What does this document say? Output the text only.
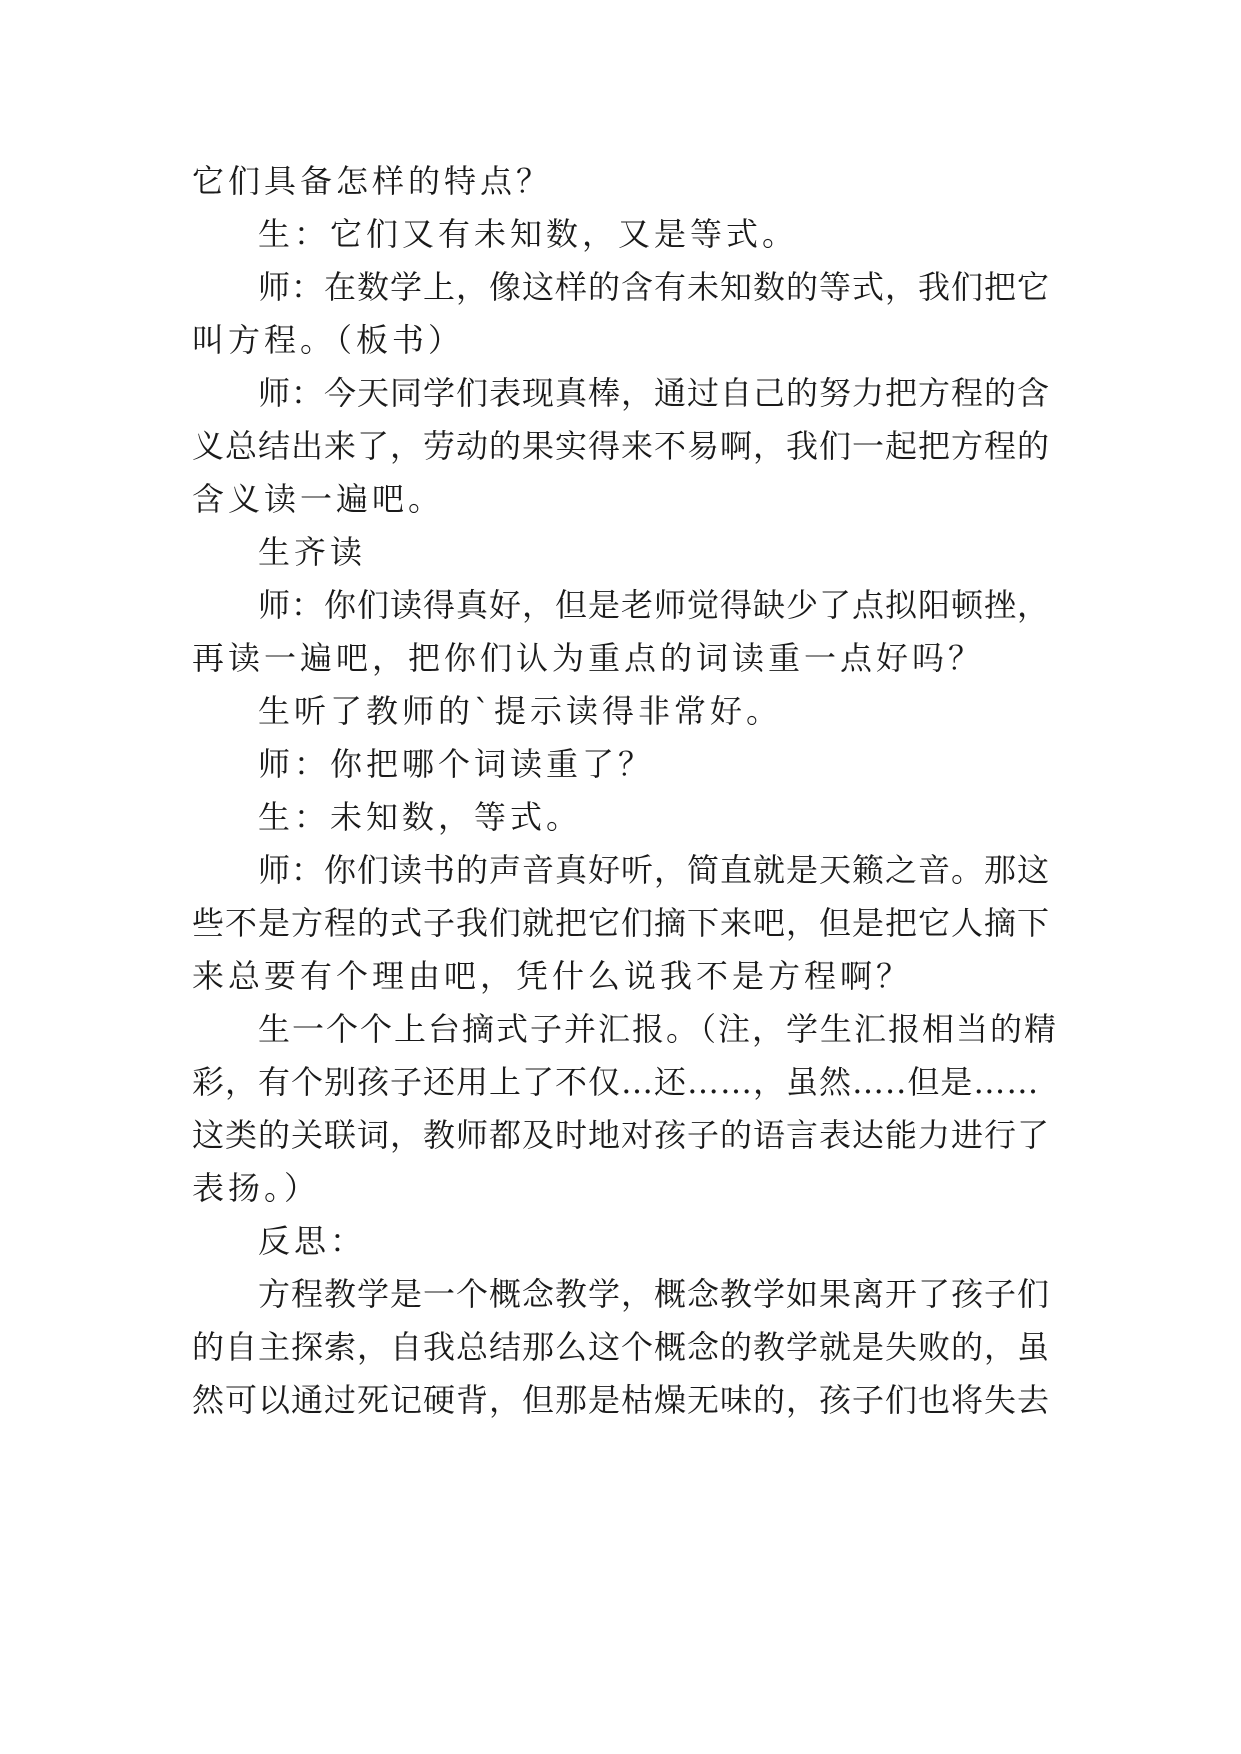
它们具备怎样的特点？
生：它们又有未知数，又是等式。
师：在数学上，像这样的含有未知数的等式，我们把它
叫方程。（板书）
师：今天同学们表现真棒，通过自己的努力把方程的含
义总结出来了，劳动的果实得来不易啊，我们一起把方程的
含义读一遍吧。
生齐读
师：你们读得真好，但是老师觉得缺少了点拟阳顿挫，
再读一遍吧，把你们认为重点的词读重一点好吗？
生听了教师的`提示读得非常好。
师：你把哪个词读重了？
生：未知数，等式。
师：你们读书的声音真好听，简直就是天籁之音。那这
些不是方程的式子我们就把它们摘下来吧，但是把它人摘下
来总要有个理由吧，凭什么说我不是方程啊？
生一个个上台摘式子并汇报。（注，学生汇报相当的精
彩，有个别孩子还用上了不仅…还……，虽然…..但是……
这类的关联词，教师都及时地对孩子的语言表达能力进行了
表扬。）
反思：
方程教学是一个概念教学，概念教学如果离开了孩子们
的自主探索，自我总结那么这个概念的教学就是失败的，虽
然可以通过死记硬背，但那是枯燥无味的，孩子们也将失去
